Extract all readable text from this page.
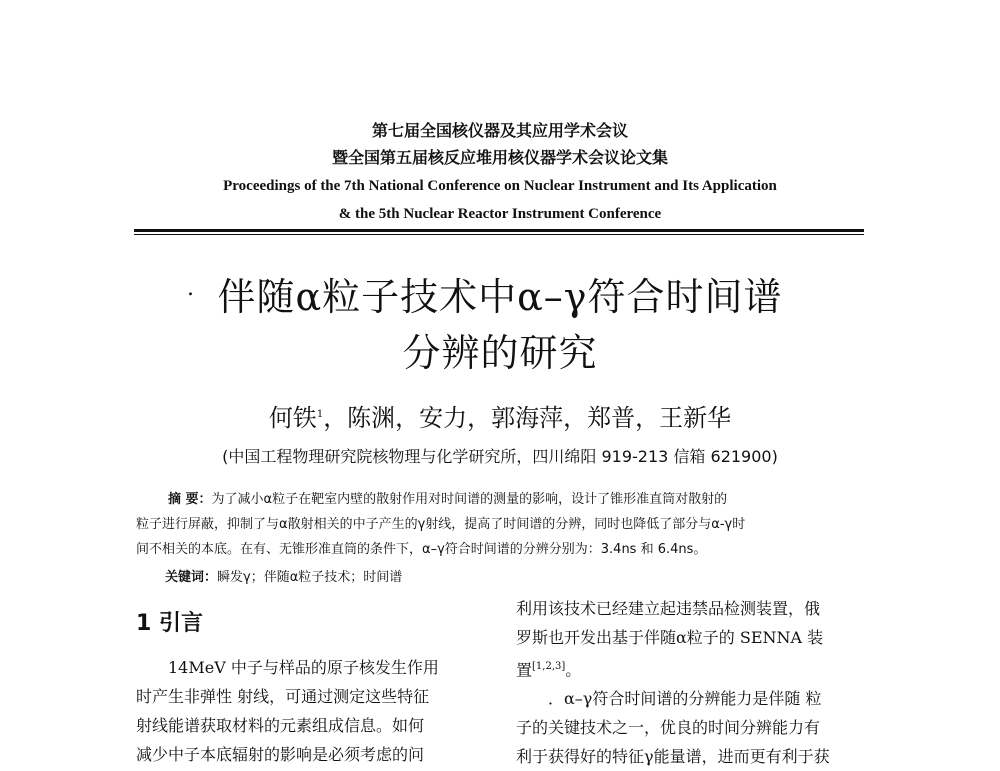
第七届全国核仪器及其应用学术会议
暨全国第五届核反应堆用核仪器学术会议论文集
Proceedings of the 7th National Conference on Nuclear Instrument and Its Application
& the 5th Nuclear Reactor Instrument Conference
. 伴随α粒子技术中α–γ符合时间谱
分辨的研究
何铁$^1$，陈渊，安力，郭海萍，郑普，王新华
(中国工程物理研究院核物理与化学研究所，四川绵阳 919-213 信箱 621900)

摘 要：为了减小α粒子在靶室内壁的散射作用对时间谱的测量的影响，设计了锥形准直筒对散射的

粒子进行屏蔽，抑制了与α散射相关的中子产生的γ射线，提高了时间谱的分辨，同时也降低了部分与α-γ时

间不相关的本底。在有、无锥形准直筒的条件下，α–γ符合时间谱的分辨分别为：3.4ns 和 6.4ns。

关键词：瞬发γ；伴随α粒子技术；时间谱
1 引言

14MeV 中子与样品的原子核发生作用

时产生非弹性 射线，可通过测定这些特征

射线能谱获取材料的元素组成信息。如何

减少中子本底辐射的影响是必须考虑的问

利用该技术已经建立起违禁品检测装置，俄

罗斯也开发出基于伴随α粒子的 SENNA 装

置[1,2,3]。

．α–γ符合时间谱的分辨能力是伴随 粒

子的关键技术之一，优良的时间分辨能力有

利于获得好的特征γ能量谱，进而更有利于获
